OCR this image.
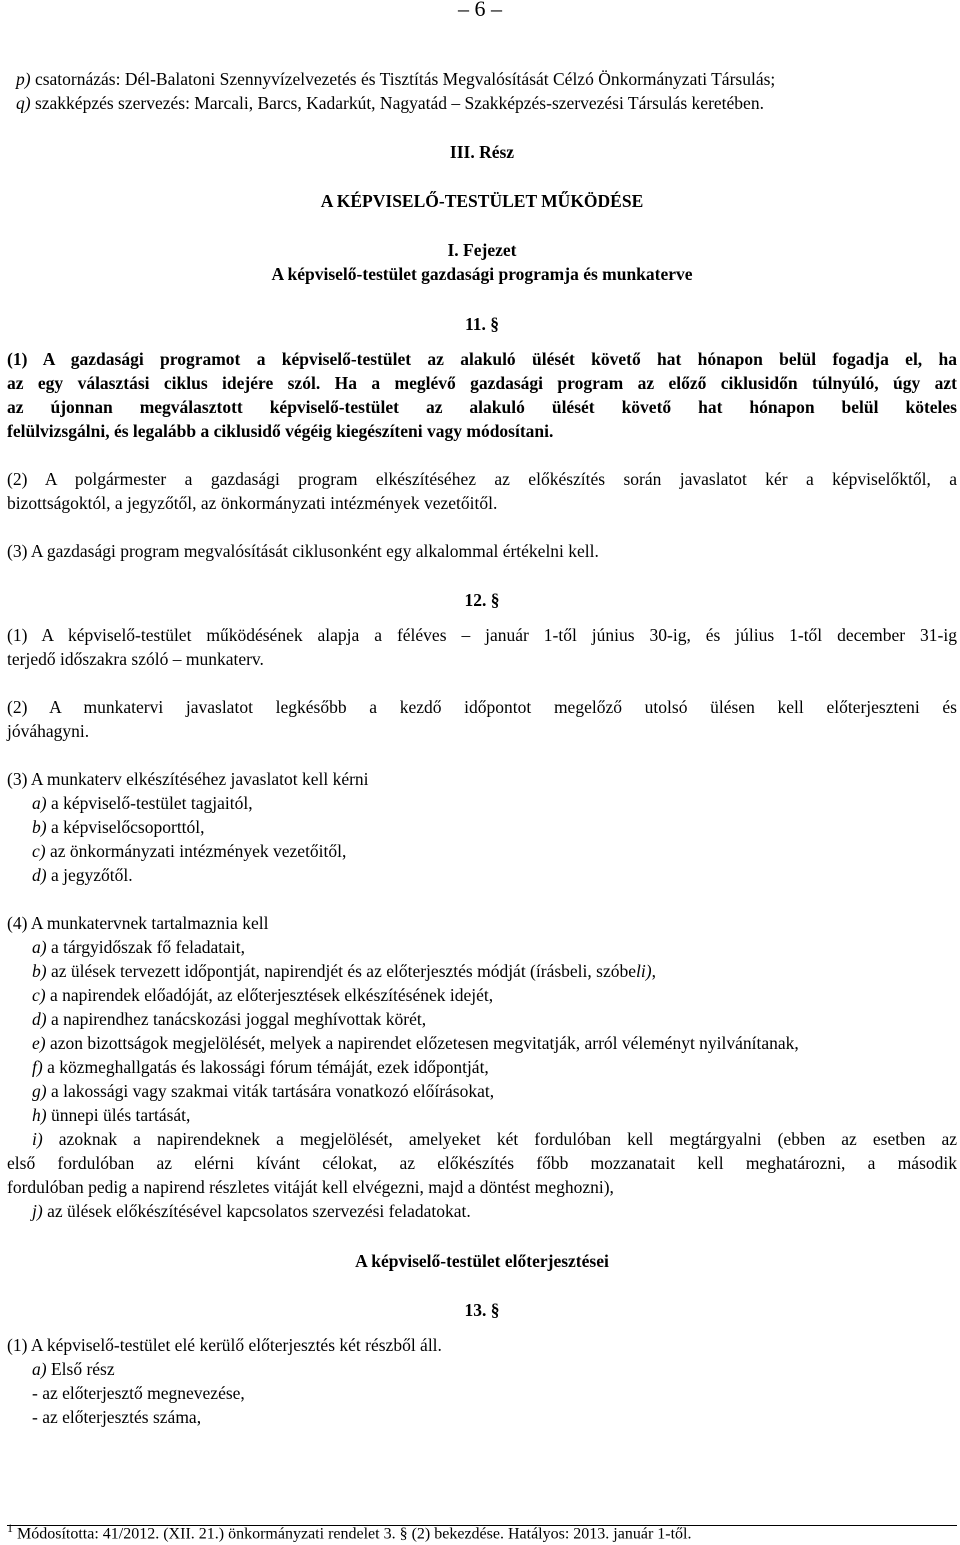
– 6 –
p) csatornázás: Dél-Balatoni Szennyvízelvezetés és Tisztítás Megvalósítását Célzó Önkormányzati Társulás;
q) szakképzés szervezés: Marcali, Barcs, Kadarkút, Nagyatád – Szakképzés-szervezési Társulás keretében.
III. Rész
A KÉPVISELŐ-TESTÜLET MŰKÖDÉSE
I. Fejezet
A képviselő-testület gazdasági programja és munkaterve
11. §
(1) A gazdasági programot a képviselő-testület az alakuló ülését követő hat hónapon belül fogadja el, ha
az egy választási ciklus idejére szól. Ha a meglévő gazdasági program az előző ciklusidőn túlnyúló, úgy azt
az újonnan megválasztott képviselő-testület az alakuló ülését követő hat hónapon belül köteles
felülvizsgálni, és legalább a ciklusidő végéig kiegészíteni vagy módosítani.
(2) A polgármester a gazdasági program elkészítéséhez az előkészítés során javaslatot kér a képviselőktől, a
bizottságoktól, a jegyzőtől, az önkormányzati intézmények vezetőitől.
(3) A gazdasági program megvalósítását ciklusonként egy alkalommal értékelni kell.
12. §
(1) A képviselő-testület működésének alapja a féléves – január 1-től június 30-ig, és július 1-től december 31-ig
terjedő időszakra szóló – munkaterv.
(2) A munkatervi javaslatot legkésőbb a kezdő időpontot megelőző utolsó ülésen kell előterjeszteni és
jóváhagyni.
(3) A munkaterv elkészítéséhez javaslatot kell kérni
a) a képviselő-testület tagjaitól,
b) a képviselőcsoporttól,
c) az önkormányzati intézmények vezetőitől,
d) a jegyzőtől.
(4) A munkatervnek tartalmaznia kell
a) a tárgyidőszak fő feladatait,
b) az ülések tervezett időpontját, napirendjét és az előterjesztés módját (írásbeli, szóbeli),
c) a napirendek előadóját, az előterjesztések elkészítésének idejét,
d) a napirendhez tanácskozási joggal meghívottak körét,
e) azon bizottságok megjelölését, melyek a napirendet előzetesen megvitatják, arról véleményt nyilvánítanak,
f) a közmeghallgatás és lakossági fórum témáját, ezek időpontját,
g) a lakossági vagy szakmai viták tartására vonatkozó előírásokat,
h) ünnepi ülés tartását,
i) azoknak a napirendeknek a megjelölését, amelyeket két fordulóban kell megtárgyalni (ebben az esetben az
első fordulóban az elérni kívánt célokat, az előkészítés főbb mozzanatait kell meghatározni, a második
fordulóban pedig a napirend részletes vitáját kell elvégezni, majd a döntést meghozni),
j) az ülések előkészítésével kapcsolatos szervezési feladatokat.
A képviselő-testület előterjesztései
13. §
(1) A képviselő-testület elé kerülő előterjesztés két részből áll.
a) Első rész
- az előterjesztő megnevezése,
- az előterjesztés száma,
$^1$ Módosította: 41/2012. (XII. 21.) önkormányzati rendelet 3. § (2) bekezdése. Hatályos: 2013. január 1-től.
